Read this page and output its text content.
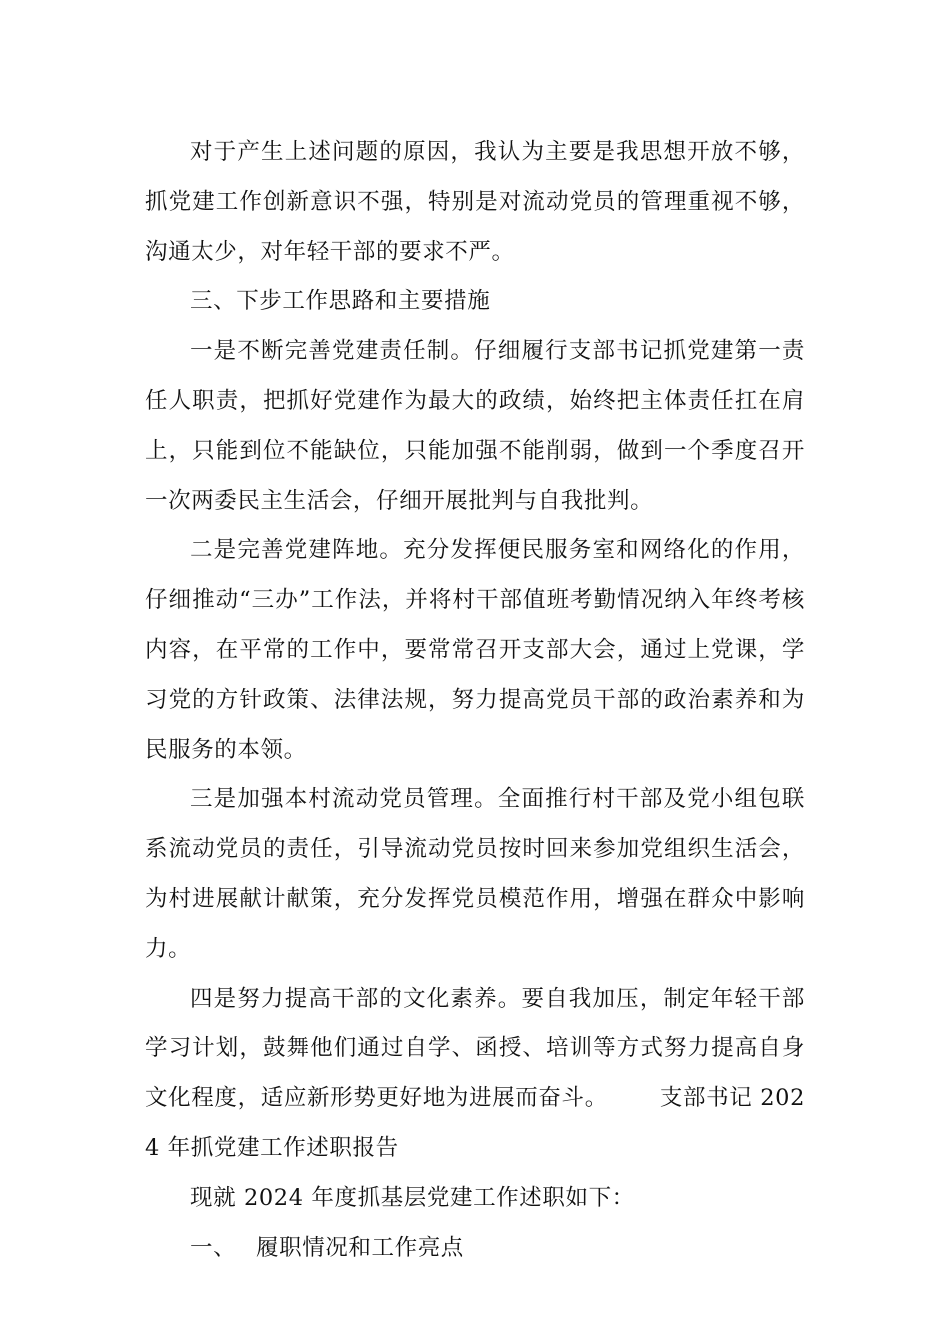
对于产生上述问题的原因，我认为主要是我思想开放不够，抓党建工作创新意识不强，特别是对流动党员的管理重视不够，沟通太少，对年轻干部的要求不严。

三、下步工作思路和主要措施

一是不断完善党建责任制。仔细履行支部书记抓党建第一责任人职责，把抓好党建作为最大的政绩，始终把主体责任扛在肩上，只能到位不能缺位，只能加强不能削弱，做到一个季度召开一次两委民主生活会，仔细开展批判与自我批判。

二是完善党建阵地。充分发挥便民服务室和网络化的作用，仔细推动“三办”工作法，并将村干部值班考勤情况纳入年终考核内容，在平常的工作中，要常常召开支部大会，通过上党课，学习党的方针政策、法律法规，努力提高党员干部的政治素养和为民服务的本领。

三是加强本村流动党员管理。全面推行村干部及党小组包联系流动党员的责任，引导流动党员按时回来参加党组织生活会，为村进展献计献策，充分发挥党员模范作用，增强在群众中影响力。

四是努力提高干部的文化素养。要自我加压，制定年轻干部学习计划，鼓舞他们通过自学、函授、培训等方式努力提高自身文化程度，适应新形势更好地为进展而奋斗。 支部书记 2024 年抓党建工作述职报告

现就 2024 年度抓基层党建工作述职如下：

一、 履职情况和工作亮点
